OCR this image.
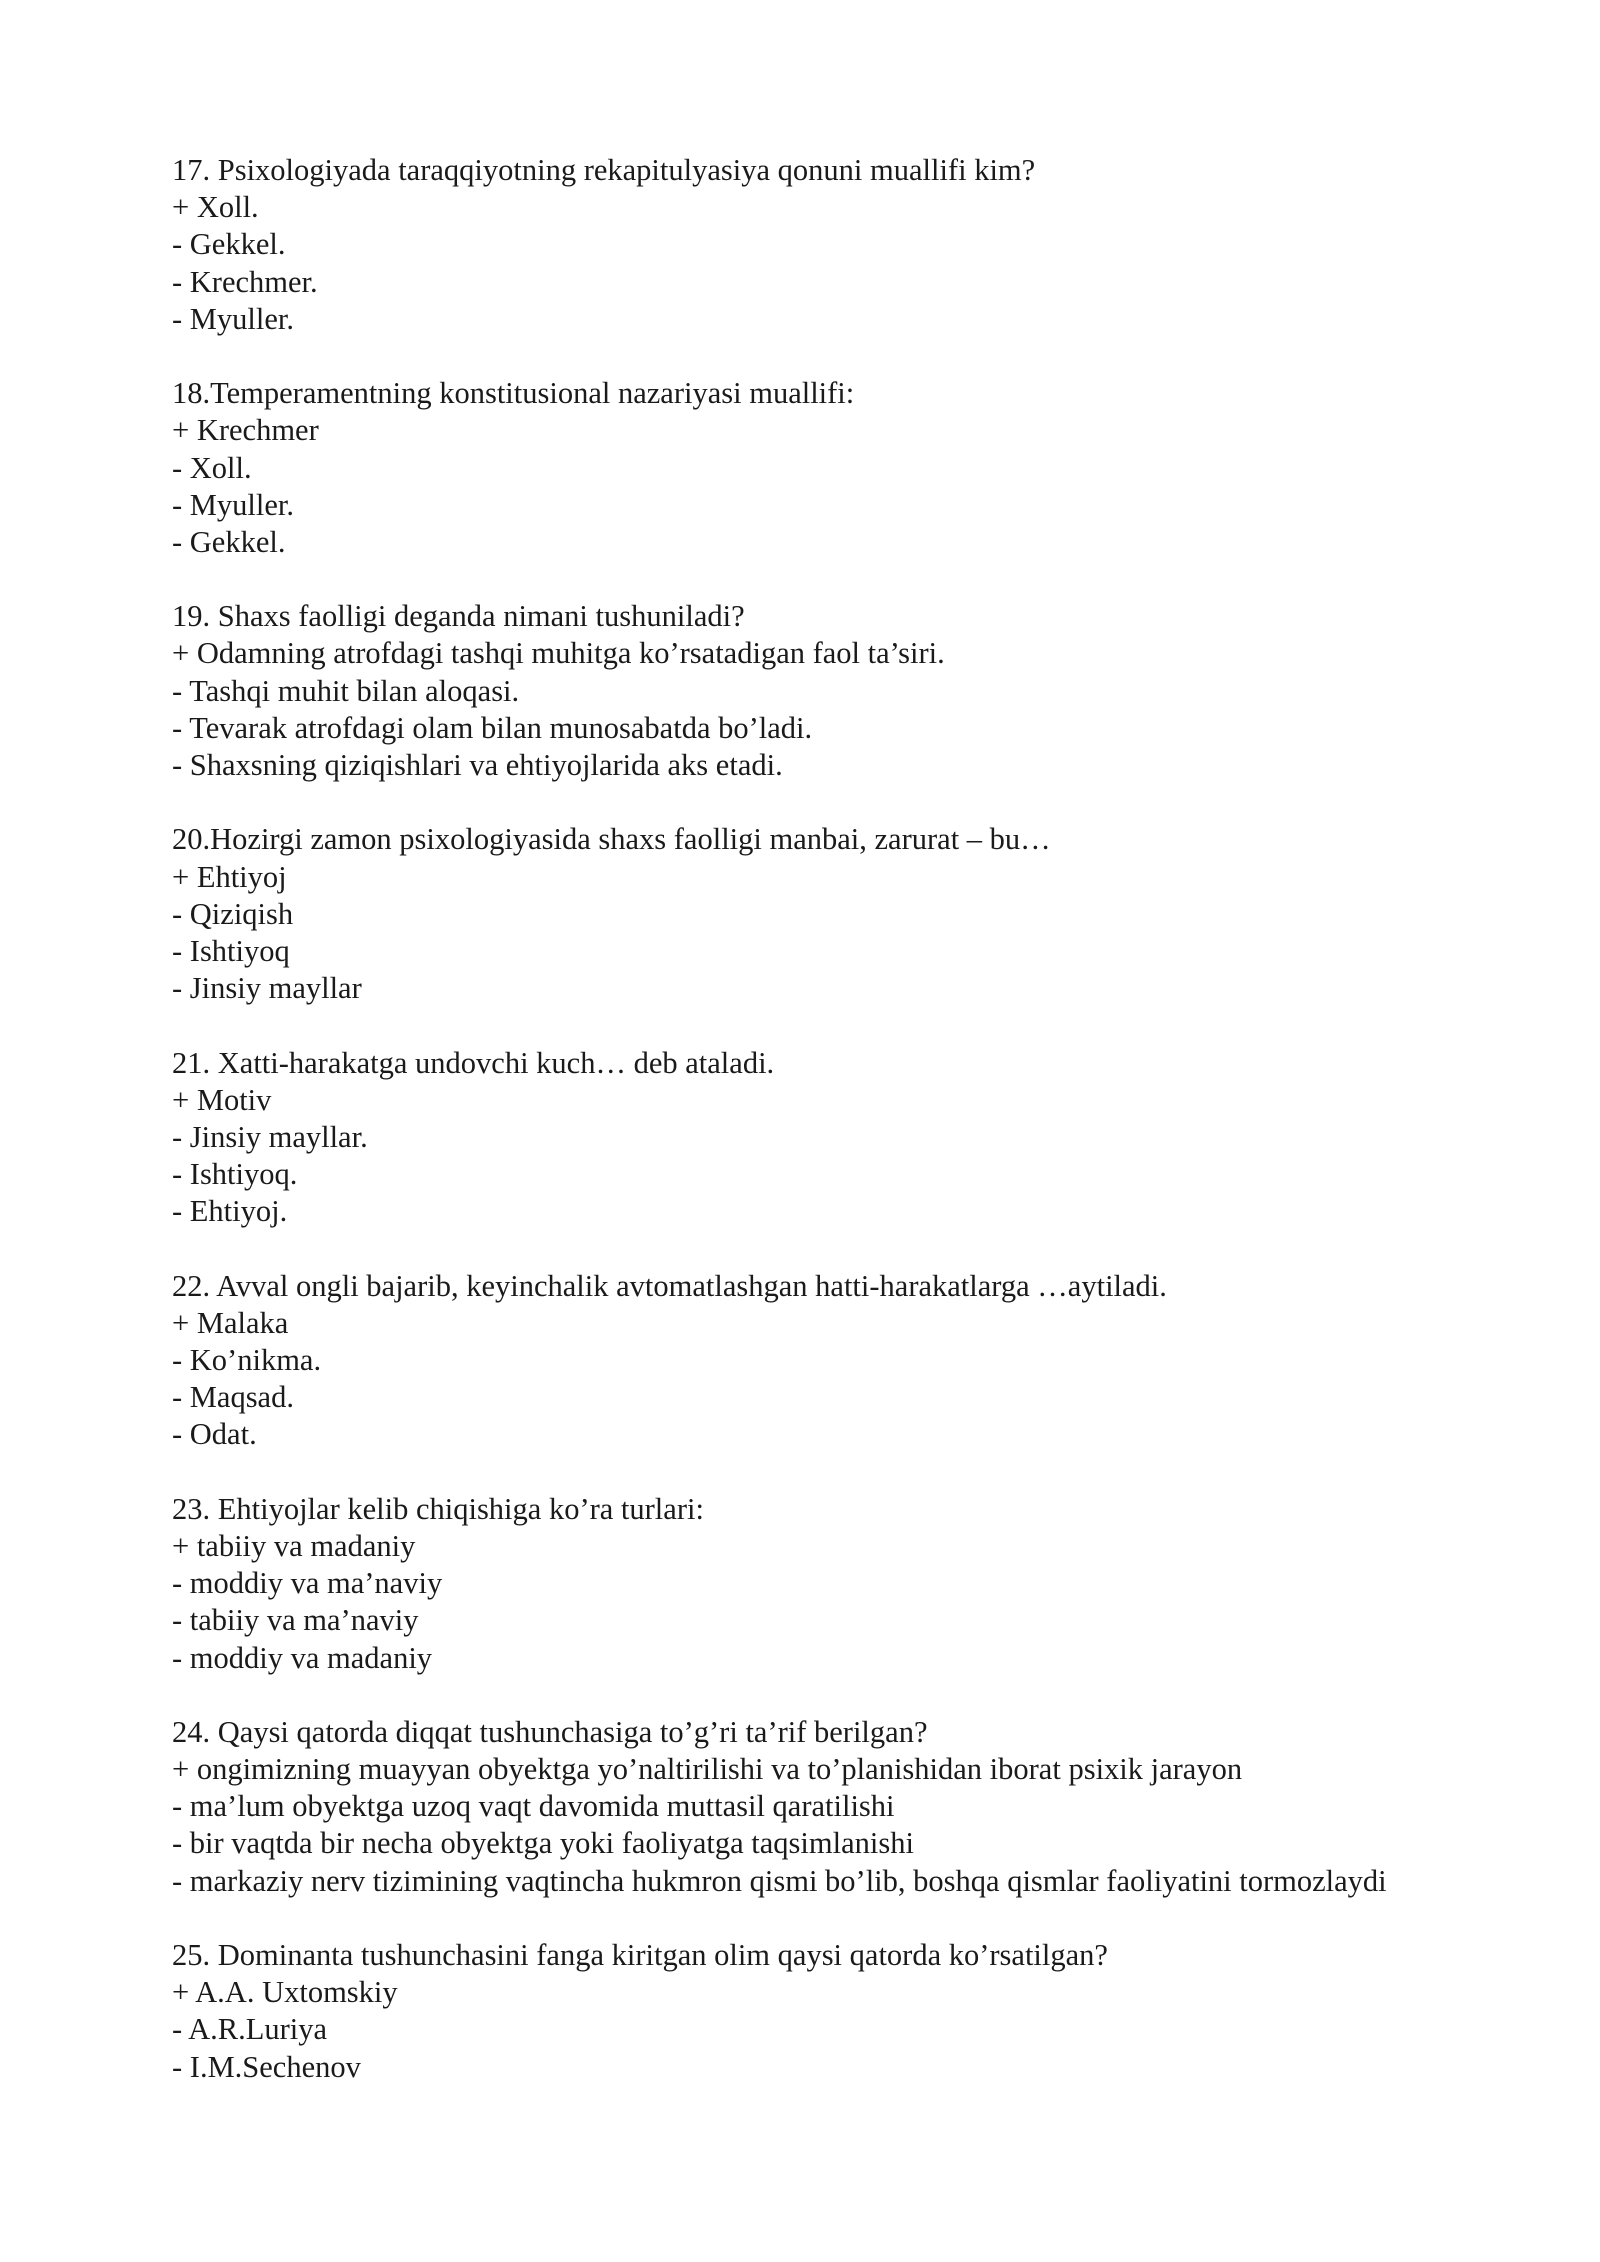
17. Psixologiyada taraqqiyotning rekapitulyasiya qonuni muallifi kim?
+ Xoll.
- Gekkel.
- Krechmer.
- Myuller.
18.Temperamentning konstitusional nazariyasi muallifi:
+ Krechmer
- Xoll.
- Myuller.
- Gekkel.
19. Shaxs faolligi deganda nimani tushuniladi?
+ Odamning atrofdagi tashqi muhitga ko’rsatadigan faol ta’siri.
- Tashqi muhit bilan aloqasi.
- Tevarak atrofdagi olam bilan munosabatda bo’ladi.
- Shaxsning qiziqishlari va ehtiyojlarida aks etadi.
20.Hozirgi zamon psixologiyasida shaxs faolligi manbai, zarurat – bu…
+ Ehtiyoj
- Qiziqish
- Ishtiyoq
- Jinsiy mayllar
21. Xatti-harakatga undovchi kuch… deb ataladi.
+ Motiv
- Jinsiy mayllar.
- Ishtiyoq.
- Ehtiyoj.
22. Avval ongli bajarib, keyinchalik avtomatlashgan hatti-harakatlarga …aytiladi.
+ Malaka
- Ko’nikma.
- Maqsad.
- Odat.
23. Ehtiyojlar kelib chiqishiga ko’ra turlari:
+ tabiiy va madaniy
- moddiy va ma’naviy
- tabiiy va ma’naviy
- moddiy va madaniy
24. Qaysi qatorda diqqat tushunchasiga to’g’ri ta’rif berilgan?
+ ongimizning muayyan obyektga yo’naltirilishi va to’planishidan iborat psixik jarayon
- ma’lum obyektga uzoq vaqt davomida muttasil qaratilishi
- bir vaqtda bir necha obyektga yoki faoliyatga taqsimlanishi
- markaziy nerv tizimining vaqtincha hukmron qismi bo’lib, boshqa qismlar faoliyatini tormozlaydi
25. Dominanta tushunchasini fanga kiritgan olim qaysi qatorda ko’rsatilgan?
+ A.A. Uxtomskiy
- A.R.Luriya
- I.M.Sechenov
